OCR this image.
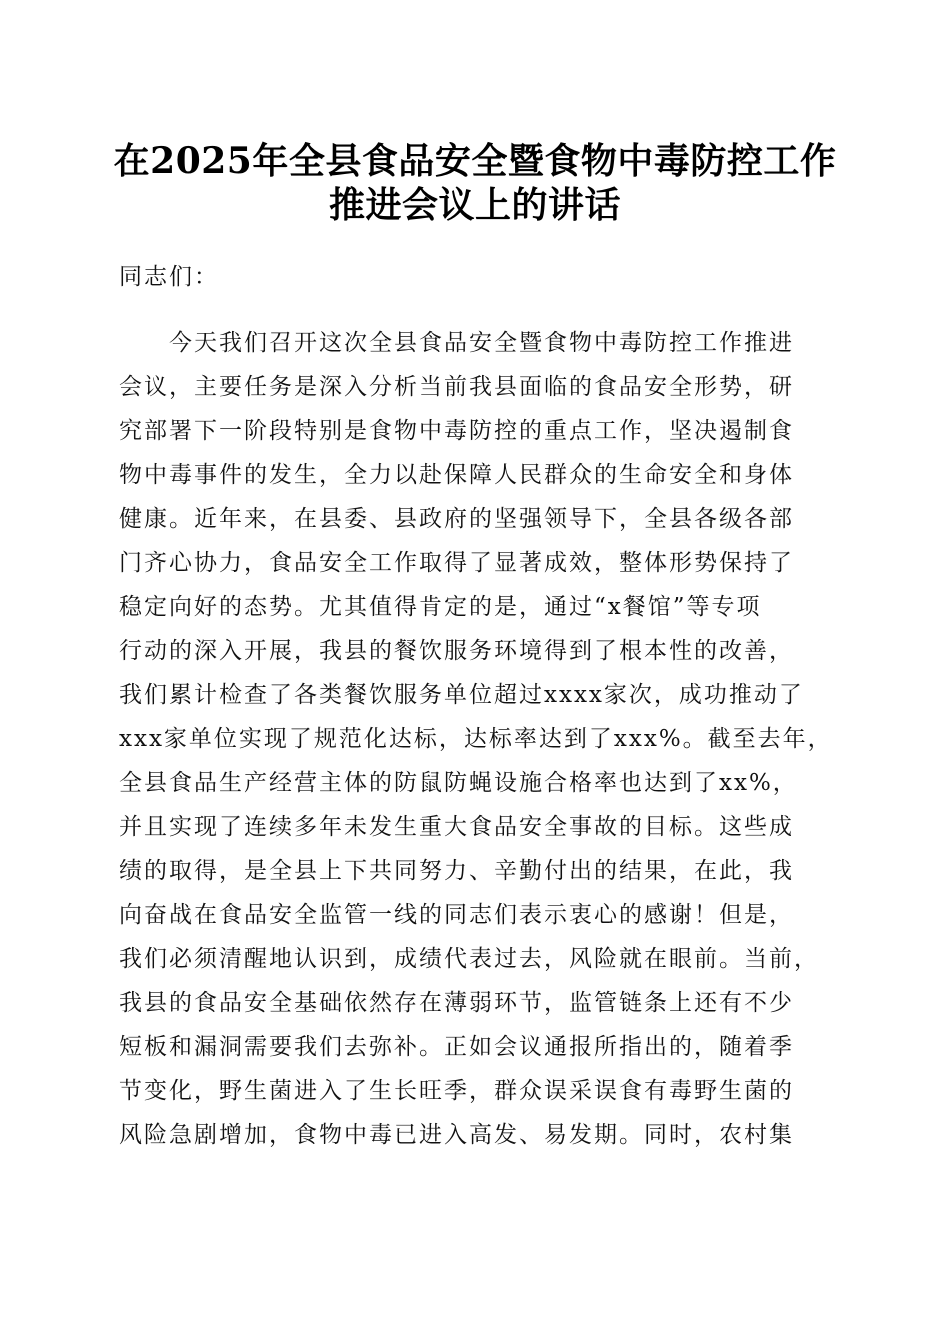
在2025年全县食品安全暨食物中毒防控工作
推进会议上的讲话
同志们：
　　今天我们召开这次全县食品安全暨食物中毒防控工作推进
会议，主要任务是深入分析当前我县面临的食品安全形势，研
究部署下一阶段特别是食物中毒防控的重点工作，坚决遏制食
物中毒事件的发生，全力以赴保障人民群众的生命安全和身体
健康。近年来，在县委、县政府的坚强领导下，全县各级各部
门齐心协力，食品安全工作取得了显著成效，整体形势保持了
稳定向好的态势。尤其值得肯定的是，通过“x餐馆”等专项
行动的深入开展，我县的餐饮服务环境得到了根本性的改善，
我们累计检查了各类餐饮服务单位超过xxxx家次，成功推动了
xxx家单位实现了规范化达标，达标率达到了xxx%。截至去年，
全县食品生产经营主体的防鼠防蝇设施合格率也达到了xx%，
并且实现了连续多年未发生重大食品安全事故的目标。这些成
绩的取得，是全县上下共同努力、辛勤付出的结果，在此，我
向奋战在食品安全监管一线的同志们表示衷心的感谢！但是，
我们必须清醒地认识到，成绩代表过去，风险就在眼前。当前，
我县的食品安全基础依然存在薄弱环节，监管链条上还有不少
短板和漏洞需要我们去弥补。正如会议通报所指出的，随着季
节变化，野生菌进入了生长旺季，群众误采误食有毒野生菌的
风险急剧增加，食物中毒已进入高发、易发期。同时，农村集
